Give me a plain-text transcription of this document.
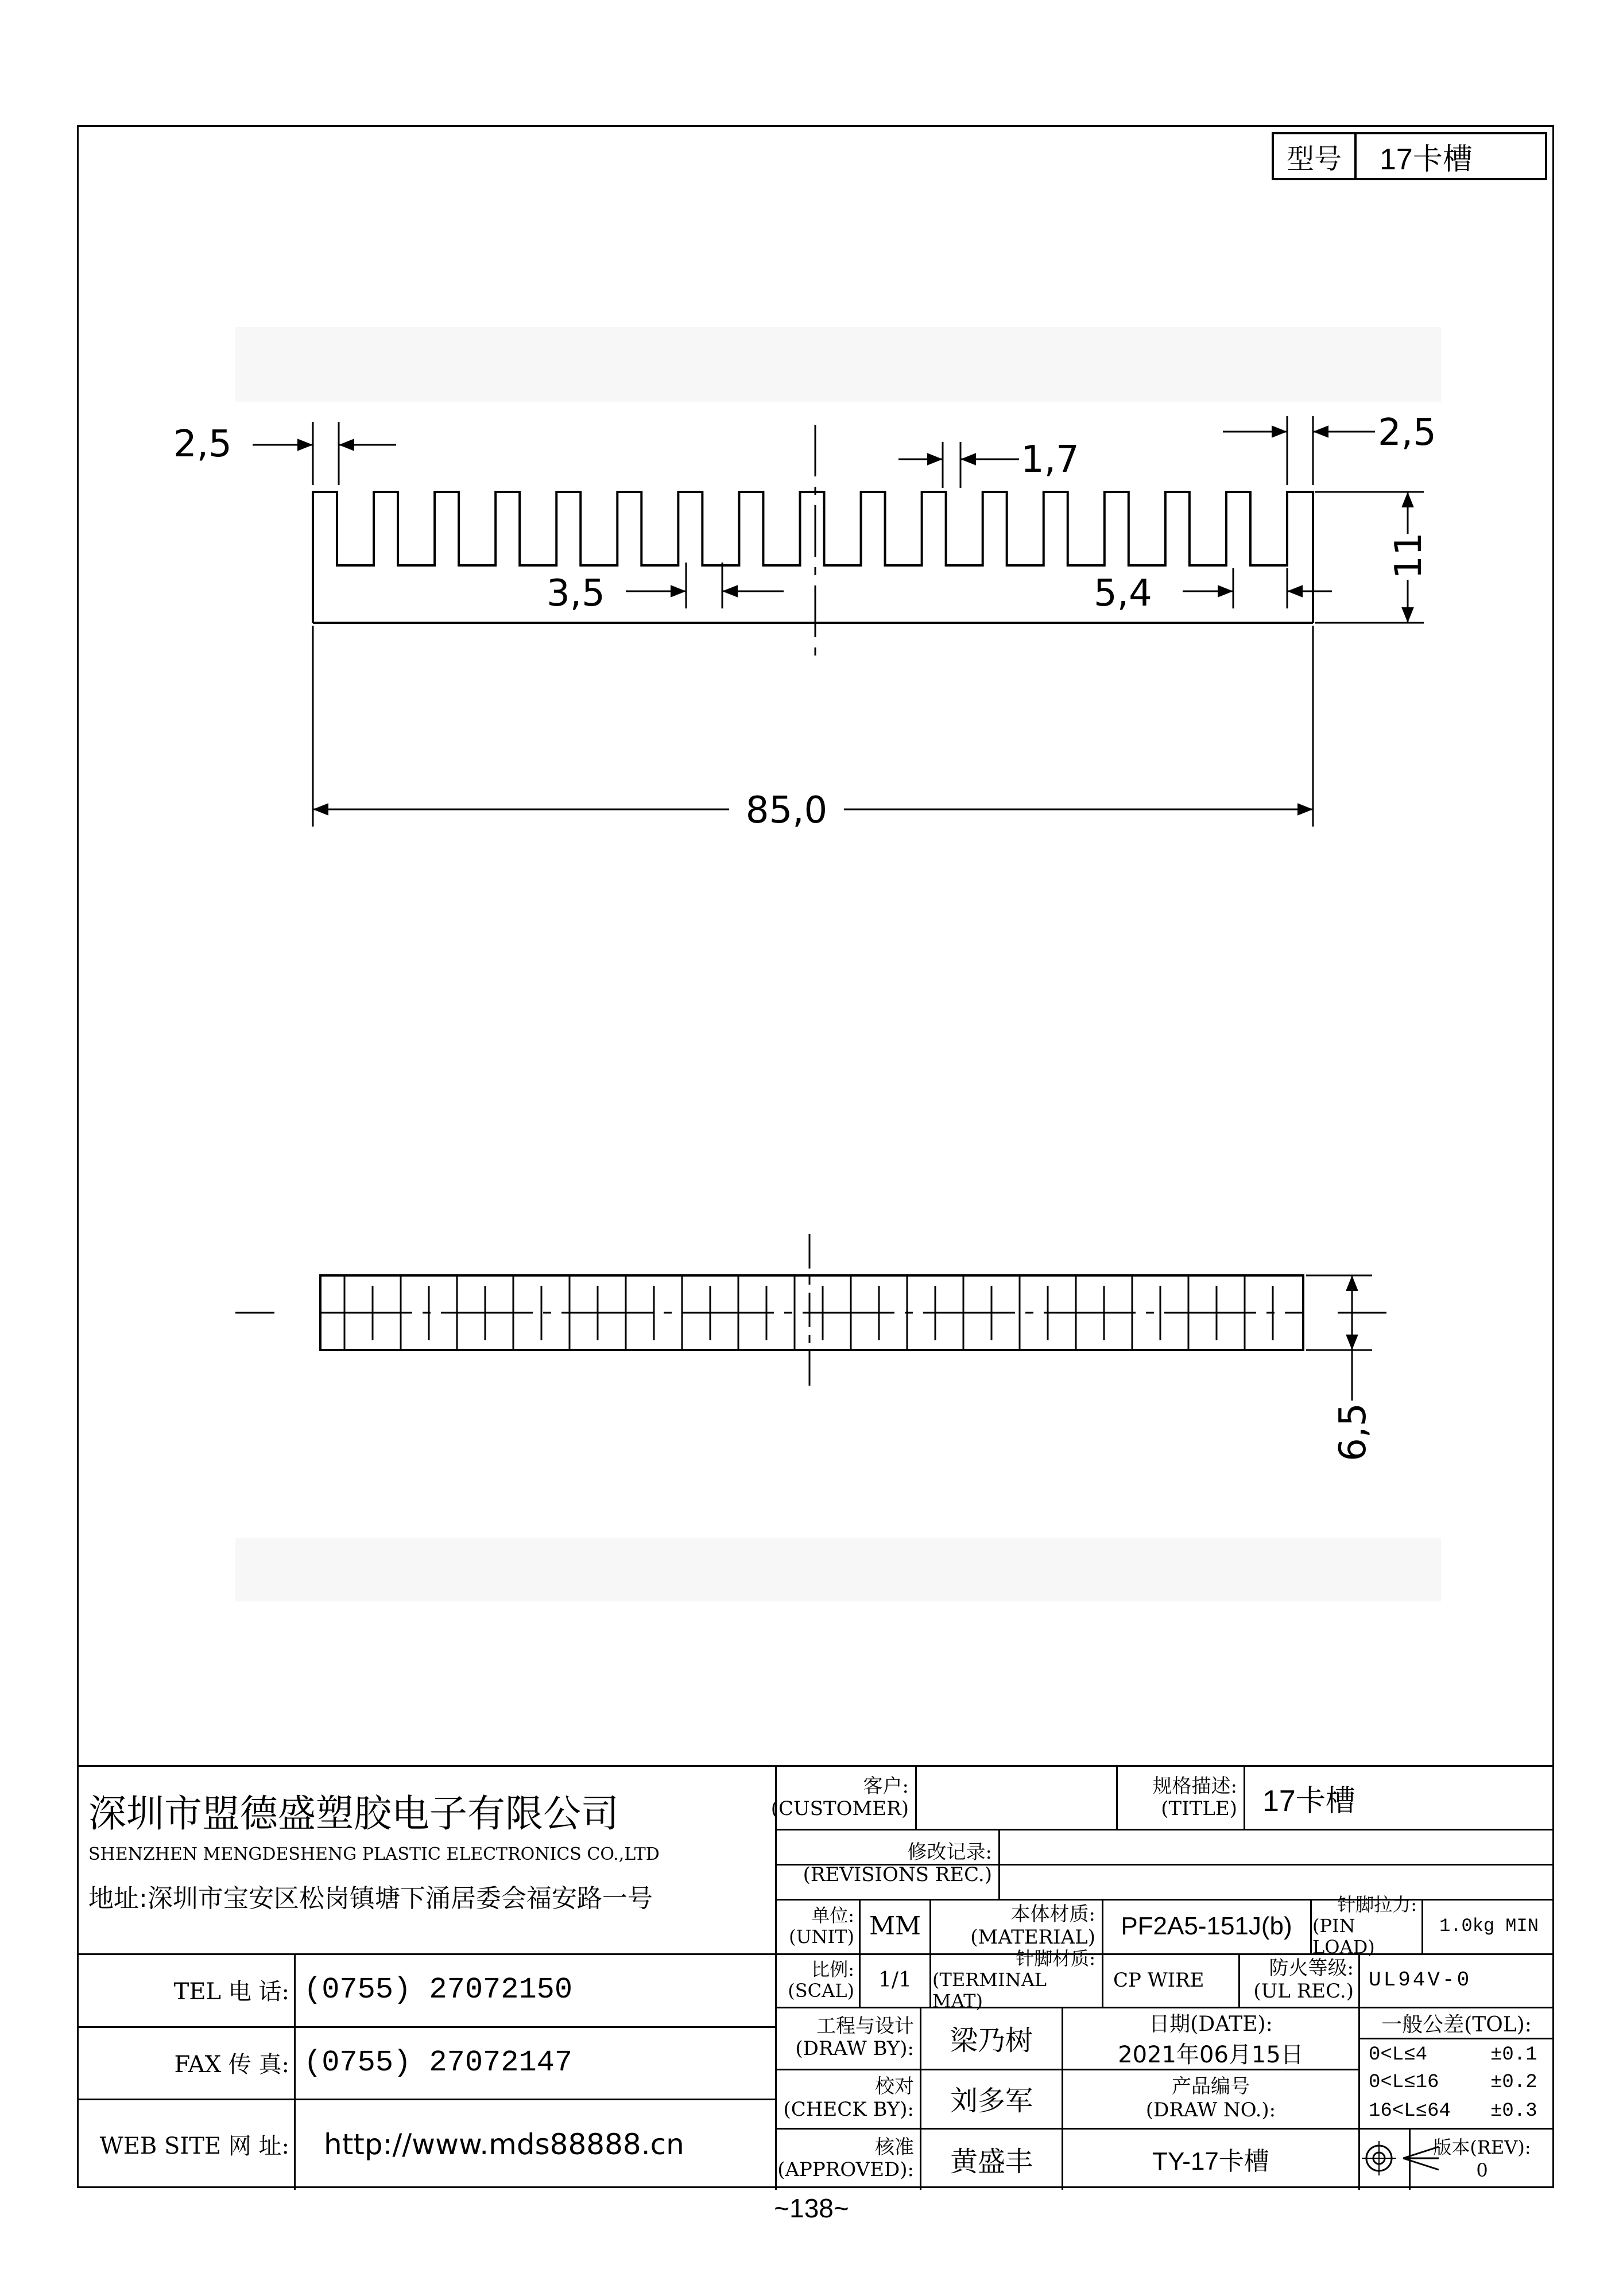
型号	17卡槽
2,5	2,5
1,7
3,5	5,4
11
85,0
6,5
深圳市盟德盛塑胶电子有限公司
SHENZHEN MENGDESHENG PLASTIC ELECTRONICS CO.,LTD
地址:深圳市宝安区松岗镇塘下涌居委会福安路一号
TEL 电 话: (0755) 27072150
FAX 传 真: (0755) 27072147
WEB SITE 网 址: http://www.mds88888.cn
客户:
(CUSTOMER)
规格描述:
(TITLE) 17卡槽
修改记录:
(REVISIONS REC.)
单位:
(UNIT) MM	本体材质:
(MATERIAL)	PF2A5-151J(b)
针脚拉力:
(PIN LOAD)
1.0kg MIN
比例:
(SCAL)	1/1
针脚材质:
(TERMINAL MAT)
CP WIRE
防火等级:
(UL REC.) UL94V-0
工程与设计
(DRAW BY):	梁乃树
日期(DATE):
2021年06月15日
一般公差(TOL):
0<L≤4	±0.1
0<L≤16	±0.2
16<L≤64	±0.3
校对
(CHECK BY):	刘多军	产品编号
(DRAW NO.):
核准
(APPROVED):	黄盛丰	TY-17卡槽	版本(REV):
0
~138~
